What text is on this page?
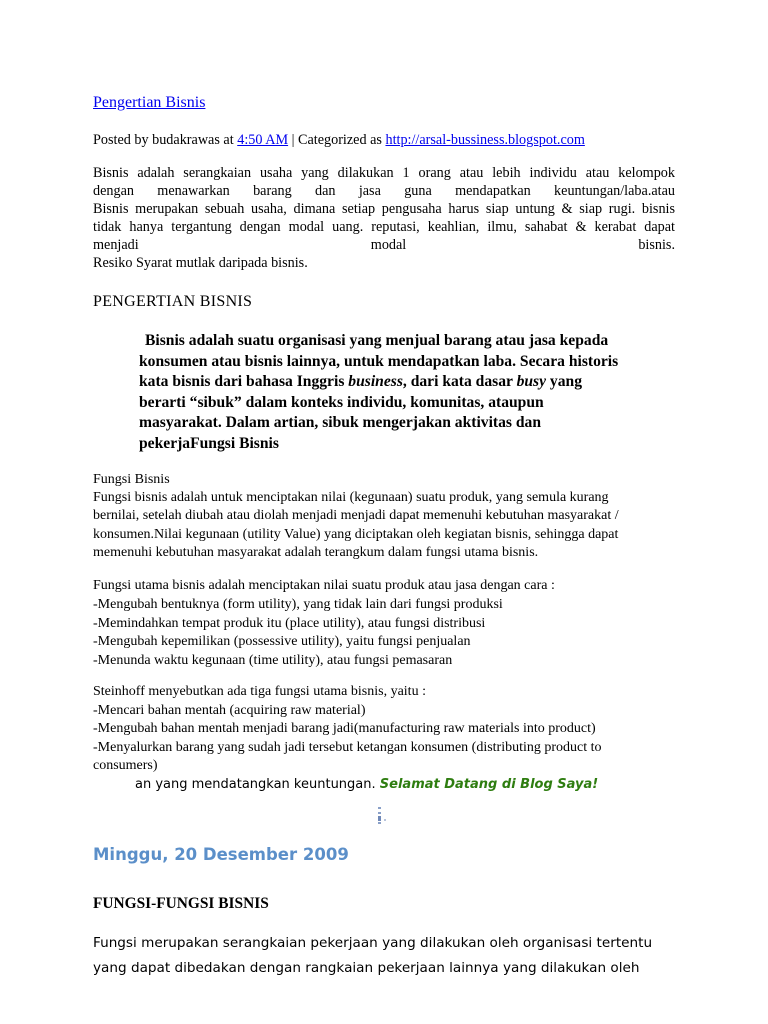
Pengertian Bisnis
Posted by budakrawas at 4:50 AM | Categorized as http://arsal-bussiness.blogspot.com
Bisnis adalah serangkaian usaha yang dilakukan 1 orang atau lebih individu atau kelompok
dengan menawarkan barang dan jasa guna mendapatkan keuntungan/laba.atau
Bisnis merupakan sebuah usaha, dimana setiap pengusaha harus siap untung & siap rugi. bisnis
tidak hanya tergantung dengan modal uang. reputasi, keahlian, ilmu, sahabat & kerabat dapat
menjadi modal bisnis.
Resiko Syarat mutlak daripada bisnis.
PENGERTIAN BISNIS
Bisnis adalah suatu organisasi yang menjual barang atau jasa kepada
konsumen atau bisnis lainnya, untuk mendapatkan laba. Secara historis
kata bisnis dari bahasa Inggris business, dari kata dasar busy yang
berarti “sibuk” dalam konteks individu, komunitas, ataupun
masyarakat. Dalam artian, sibuk mengerjakan aktivitas dan
pekerjaFungsi Bisnis
Fungsi Bisnis
Fungsi bisnis adalah untuk menciptakan nilai (kegunaan) suatu produk, yang semula kurang
bernilai, setelah diubah atau diolah menjadi menjadi dapat memenuhi kebutuhan masyarakat /
konsumen.Nilai kegunaan (utility Value) yang diciptakan oleh kegiatan bisnis, sehingga dapat
memenuhi kebutuhan masyarakat adalah terangkum dalam fungsi utama bisnis.
Fungsi utama bisnis adalah menciptakan nilai suatu produk atau jasa dengan cara :
-Mengubah bentuknya (form utility), yang tidak lain dari fungsi produksi
-Memindahkan tempat produk itu (place utility), atau fungsi distribusi
-Mengubah kepemilikan (possessive utility), yaitu fungsi penjualan
-Menunda waktu kegunaan (time utility), atau fungsi pemasaran
Steinhoff menyebutkan ada tiga fungsi utama bisnis, yaitu :
-Mencari bahan mentah (acquiring raw material)
-Mengubah bahan mentah menjadi barang jadi(manufacturing raw materials into product)
-Menyalurkan barang yang sudah jadi tersebut ketangan konsumen (distributing product to
consumers)
an yang mendatangkan keuntungan. Selamat Datang di Blog Saya!
Minggu, 20 Desember 2009
FUNGSI-FUNGSI BISNIS
Fungsi merupakan serangkaian pekerjaan yang dilakukan oleh organisasi tertentu
yang dapat dibedakan dengan rangkaian pekerjaan lainnya yang dilakukan oleh
